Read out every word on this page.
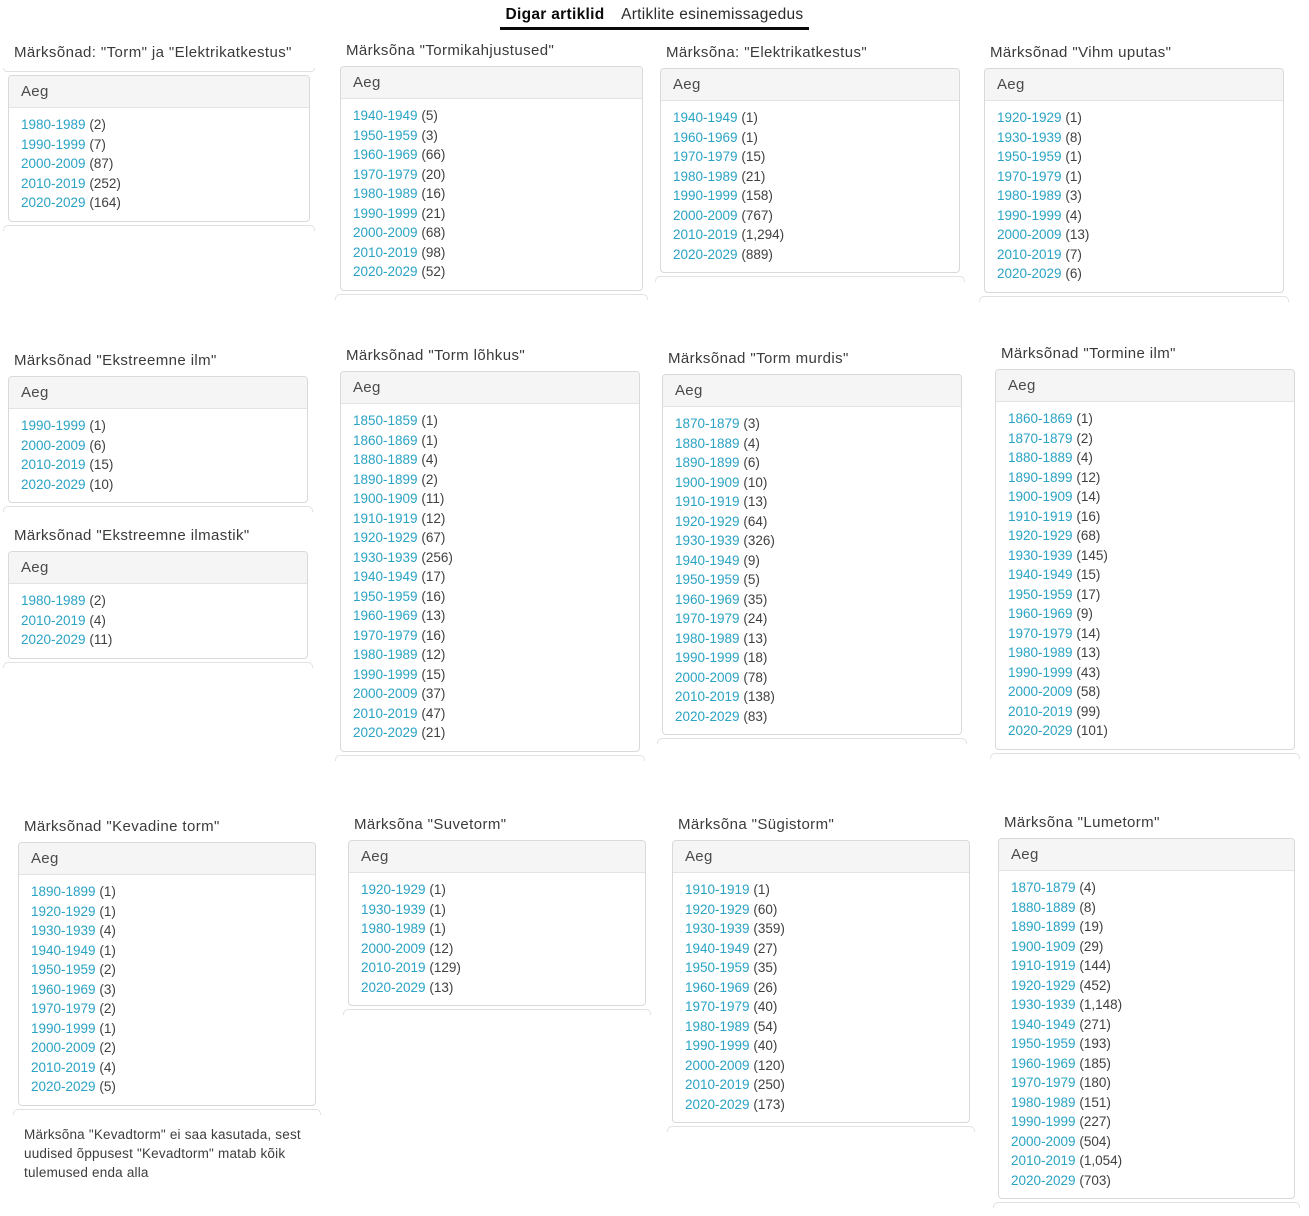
Digar artiklid Artiklite esinemissagedus
Märksõnad: "Torm" ja "Elektrikatkestus"
Aeg
1980-1989 (2)
1990-1999 (7)
2000-2009 (87)
2010-2019 (252)
2020-2029 (164)
Märksõna "Tormikahjustused"
Aeg
1940-1949 (5)
1950-1959 (3)
1960-1969 (66)
1970-1979 (20)
1980-1989 (16)
1990-1999 (21)
2000-2009 (68)
2010-2019 (98)
2020-2029 (52)
Märksõna: "Elektrikatkestus"
Aeg
1940-1949 (1)
1960-1969 (1)
1970-1979 (15)
1980-1989 (21)
1990-1999 (158)
2000-2009 (767)
2010-2019 (1,294)
2020-2029 (889)
Märksõnad "Vihm uputas"
Aeg
1920-1929 (1)
1930-1939 (8)
1950-1959 (1)
1970-1979 (1)
1980-1989 (3)
1990-1999 (4)
2000-2009 (13)
2010-2019 (7)
2020-2029 (6)
Märksõnad "Ekstreemne ilm"
Aeg
1990-1999 (1)
2000-2009 (6)
2010-2019 (15)
2020-2029 (10)
Märksõnad "Ekstreemne ilmastik"
Aeg
1980-1989 (2)
2010-2019 (4)
2020-2029 (11)
Märksõnad "Torm lõhkus"
Aeg
1850-1859 (1)
1860-1869 (1)
1880-1889 (4)
1890-1899 (2)
1900-1909 (11)
1910-1919 (12)
1920-1929 (67)
1930-1939 (256)
1940-1949 (17)
1950-1959 (16)
1960-1969 (13)
1970-1979 (16)
1980-1989 (12)
1990-1999 (15)
2000-2009 (37)
2010-2019 (47)
2020-2029 (21)
Märksõnad "Torm murdis"
Aeg
1870-1879 (3)
1880-1889 (4)
1890-1899 (6)
1900-1909 (10)
1910-1919 (13)
1920-1929 (64)
1930-1939 (326)
1940-1949 (9)
1950-1959 (5)
1960-1969 (35)
1970-1979 (24)
1980-1989 (13)
1990-1999 (18)
2000-2009 (78)
2010-2019 (138)
2020-2029 (83)
Märksõnad "Tormine ilm"
Aeg
1860-1869 (1)
1870-1879 (2)
1880-1889 (4)
1890-1899 (12)
1900-1909 (14)
1910-1919 (16)
1920-1929 (68)
1930-1939 (145)
1940-1949 (15)
1950-1959 (17)
1960-1969 (9)
1970-1979 (14)
1980-1989 (13)
1990-1999 (43)
2000-2009 (58)
2010-2019 (99)
2020-2029 (101)
Märksõnad "Kevadine torm"
Aeg
1890-1899 (1)
1920-1929 (1)
1930-1939 (4)
1940-1949 (1)
1950-1959 (2)
1960-1969 (3)
1970-1979 (2)
1990-1999 (1)
2000-2009 (2)
2010-2019 (4)
2020-2029 (5)
Märksõna "Kevadtorm" ei saa kasutada, sest uudised õppusest "Kevadtorm" matab kõik tulemused enda alla
Märksõna "Suvetorm"
Aeg
1920-1929 (1)
1930-1939 (1)
1980-1989 (1)
2000-2009 (12)
2010-2019 (129)
2020-2029 (13)
Märksõna "Sügistorm"
Aeg
1910-1919 (1)
1920-1929 (60)
1930-1939 (359)
1940-1949 (27)
1950-1959 (35)
1960-1969 (26)
1970-1979 (40)
1980-1989 (54)
1990-1999 (40)
2000-2009 (120)
2010-2019 (250)
2020-2029 (173)
Märksõna "Lumetorm"
Aeg
1870-1879 (4)
1880-1889 (8)
1890-1899 (19)
1900-1909 (29)
1910-1919 (144)
1920-1929 (452)
1930-1939 (1,148)
1940-1949 (271)
1950-1959 (193)
1960-1969 (185)
1970-1979 (180)
1980-1989 (151)
1990-1999 (227)
2000-2009 (504)
2010-2019 (1,054)
2020-2029 (703)
